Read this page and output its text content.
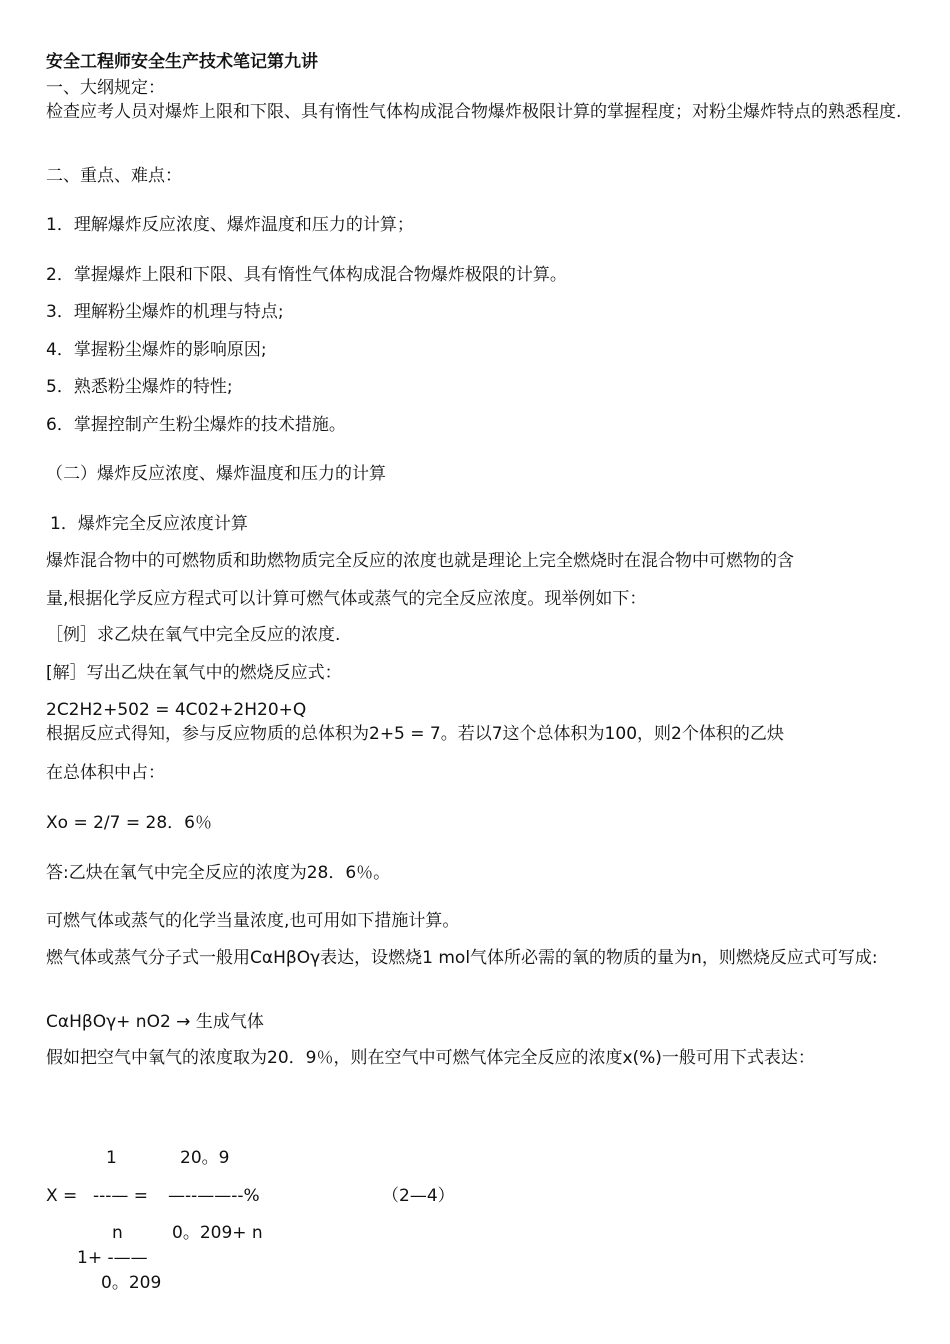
安全工程师安全生产技术笔记第九讲
一、大纲规定：
检查应考人员对爆炸上限和下限、具有惰性气体构成混合物爆炸极限计算的掌握程度；对粉尘爆炸特点的熟悉程度.
二、重点、难点：
1．理解爆炸反应浓度、爆炸温度和压力的计算；
2．掌握爆炸上限和下限、具有惰性气体构成混合物爆炸极限的计算。
3．理解粉尘爆炸的机理与特点;
4．掌握粉尘爆炸的影响原因;
5．熟悉粉尘爆炸的特性;
6．掌握控制产生粉尘爆炸的技术措施。
（二）爆炸反应浓度、爆炸温度和压力的计算
1．爆炸完全反应浓度计算
爆炸混合物中的可燃物质和助燃物质完全反应的浓度也就是理论上完全燃烧时在混合物中可燃物的含
量,根据化学反应方程式可以计算可燃气体或蒸气的完全反应浓度。现举例如下：
［例］求乙炔在氧气中完全反应的浓度.
[解］写出乙炔在氧气中的燃烧反应式：
2C2H2+502 = 4C02+2H20+Q
根据反应式得知，参与反应物质的总体积为2+5 = 7。若以7这个总体积为100，则2个体积的乙炔
在总体积中占：
Xo = 2/7 = 28．6％
答:乙炔在氧气中完全反应的浓度为28．6％。
可燃气体或蒸气的化学当量浓度,也可用如下措施计算。
燃气体或蒸气分子式一般用CαHβOγ表达，设燃烧1 mol气体所必需的氧的物质的量为n，则燃烧反应式可写成:
CαHβOγ+ nO2 → 生成气体
假如把空气中氧气的浓度取为20．9％，则在空气中可燃气体完全反应的浓度x(%)一般可用下式表达：
1	20。9
X = ---— = —--——--%	（2—4）
n	0。209+ n
1+ -——
0。209
